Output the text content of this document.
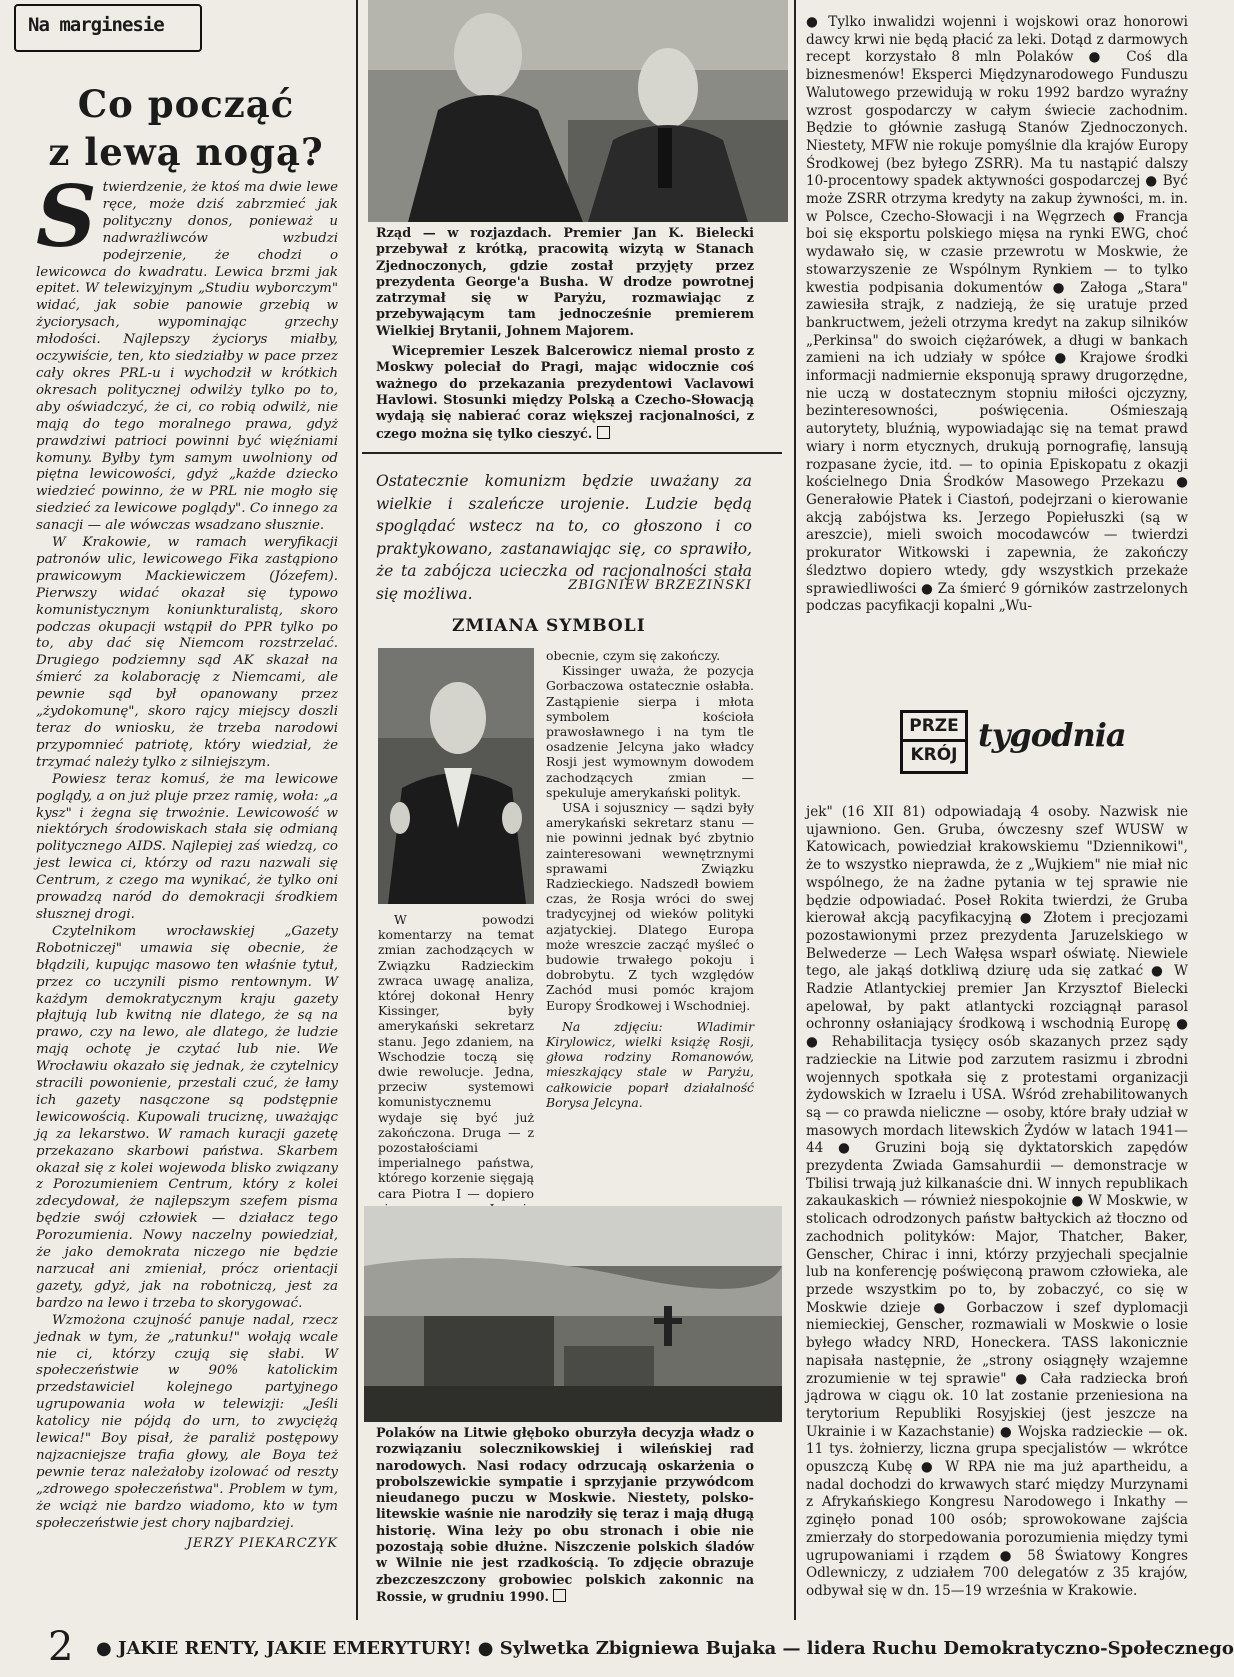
Na marginesie
Co począć
z lewą nogą?

Stwierdzenie, że ktoś ma dwie lewe ręce, może dziś zabrzmieć jak polityczny donos, ponieważ u nadwrażliwców wzbudzi podejrzenie, że chodzi o lewicowca do kwadratu. Lewica brzmi jak epitet. W telewizyjnym „Studiu wyborczym" widać, jak sobie panowie grzebią w życiorysach, wypominając grzechy młodości. Najlepszy życiorys miałby, oczywiście, ten, kto siedziałby w pace przez cały okres PRL-u i wychodził w krótkich okresach politycznej odwilży tylko po to, aby oświadczyć, że ci, co robią odwilż, nie mają do tego moralnego prawa, gdyż prawdziwi patrioci powinni być więźniami komuny. Byłby tym samym uwolniony od piętna lewicowości, gdyż „każde dziecko wiedzieć powinno, że w PRL nie mogło się siedzieć za lewicowe poglądy". Co innego za sanacji — ale wówczas wsadzano słusznie.

W Krakowie, w ramach weryfikacji patronów ulic, lewicowego Fika zastąpiono prawicowym Mackiewiczem (Józefem). Pierwszy widać okazał się typowo komunistycznym koniunkturalistą, skoro podczas okupacji wstąpił do PPR tylko po to, aby dać się Niemcom rozstrzelać. Drugiego podziemny sąd AK skazał na śmierć za kolaborację z Niemcami, ale pewnie sąd był opanowany przez „żydokomunę", skoro rajcy miejscy doszli teraz do wniosku, że trzeba narodowi przypomnieć patriotę, który wiedział, że trzymać należy tylko z silniejszym.

Powiesz teraz komuś, że ma lewicowe poglądy, a on już pluje przez ramię, woła: „a kysz" i żegna się trwożnie. Lewicowość w niektórych środowiskach stała się odmianą politycznego AIDS. Najlepiej zaś wiedzą, co jest lewica ci, którzy od razu nazwali się Centrum, z czego ma wynikać, że tylko oni prowadzą naród do demokracji środkiem słusznej drogi.

Czytelnikom wrocławskiej „Gazety Robotniczej" umawia się obecnie, że błądzili, kupując masowo ten właśnie tytuł, przez co uczynili pismo rentownym. W każdym demokratycznym kraju gazety płajtują lub kwitną nie dlatego, że są na prawo, czy na lewo, ale dlatego, że ludzie mają ochotę je czytać lub nie. We Wrocławiu okazało się jednak, że czytelnicy stracili powonienie, przestali czuć, że łamy ich gazety nasączone są podstępnie lewicowością. Kupowali truciznę, uważając ją za lekarstwo. W ramach kuracji gazetę przekazano skarbowi państwa. Skarbem okazał się z kolei wojewoda blisko związany z Porozumieniem Centrum, który z kolei zdecydował, że najlepszym szefem pisma będzie swój człowiek — działacz tego Porozumienia. Nowy naczelny powiedział, że jako demokrata niczego nie będzie narzucał ani zmieniał, prócz orientacji gazety, gdyż, jak na robotniczą, jest za bardzo na lewo i trzeba to skorygować.

Wzmożona czujność panuje nadal, rzecz jednak w tym, że „ratunku!" wołają wcale nie ci, którzy czują się słabi. W społeczeństwie w 90% katolickim przedstawiciel kolejnego partyjnego ugrupowania woła w telewizji: „Jeśli katolicy nie pójdą do urn, to zwyciężą lewica!" Boy pisał, że paraliż postępowy najzacniejsze trafia głowy, ale Boya też pewnie teraz należałoby izolować od reszty „zdrowego społeczeństwa". Problem w tym, że wciąż nie bardzo wiadomo, kto w tym społeczeństwie jest chory najbardziej.

JERZY PIEKARCZYK

Rząd — w rozjazdach. Premier Jan K. Bielecki przebywał z krótką, pracowitą wizytą w Stanach Zjednoczonych, gdzie został przyjęty przez prezydenta George'a Busha. W drodze powrotnej zatrzymał się w Paryżu, rozmawiając z przebywającym tam jednocześnie premierem Wielkiej Brytanii, Johnem Majorem.

Wicepremier Leszek Balcerowicz niemal prosto z Moskwy poleciał do Pragi, mając widocznie coś ważnego do przekazania prezydentowi Vaclavowi Havlowi. Stosunki między Polską a Czecho-Słowacją wydają się nabierać coraz większej racjonalności, z czego można się tylko cieszyć.

Ostatecznie komunizm będzie uważany za wielkie i szaleńcze urojenie. Ludzie będą spoglądać wstecz na to, co głoszono i co praktykowano, zastanawiając się, co sprawiło, że ta zabójcza ucieczka od racjonalności stała się możliwa.	ZBIGNIEW BRZEZIŃSKI
ZMIANA SYMBOLI

W powodzi komentarzy na temat zmian zachodzących w Związku Radzieckim zwraca uwagę analiza, której dokonał Henry Kissinger, były amerykański sekretarz stanu. Jego zdaniem, na Wschodzie toczą się dwie rewolucje. Jedna, przeciw systemowi komunistycznemu wydaje się być już zakończona. Druga — z pozostałościami imperialnego państwa, którego korzenie sięgają cara Piotra I — dopiero

obecnie, czym się zakończy.

Kissinger uważa, że pozycja Gorbaczowa ostatecznie osłabła. Zastąpienie sierpa i młota symbolem kościoła prawosławnego i na tym tle osadzenie Jelcyna jako władcy Rosji jest wymownym dowodem zachodzących zmian — spekuluje amerykański polityk.

USA i sojusznicy — sądzi były amerykański sekretarz stanu — nie powinni jednak być zbytnio zainteresowani wewnętrznymi sprawami Związku Radzieckiego. Nadszedł bowiem czas, że Rosja wróci do swej tradycyjnej od wieków polityki azjatyckiej. Dlatego Europa może wreszcie zacząć myśleć o budowie trwałego pokoju i dobrobytu. Z tych względów Zachód musi pomóc krajom Europy Środkowej i Wschodniej.

Na zdjęciu: Wladimir Kirylowicz, wielki książę Rosji, głowa rodziny Romanowów, mieszkający stale w Paryżu, całkowicie poparł działalność Borysa Jelcyna.

Polaków na Litwie głęboko oburzyła decyzja władz o rozwiązaniu solecznikowskiej i wileńskiej rad narodowych. Nasi rodacy odrzucają oskarżenia o probolszewickie sympatie i sprzyjanie przywódcom nieudanego puczu w Moskwie. Niestety, polsko-litewskie waśnie nie narodziły się teraz i mają długą historię. Wina leży po obu stronach i obie nie pozostają sobie dłużne. Niszczenie polskich śladów w Wilnie nie jest rzadkością. To zdjęcie obrazuje zbezczeszczony grobowiec polskich zakonnic na Rossie, w grudniu 1990.

● Tylko inwalidzi wojenni i wojskowi oraz honorowi dawcy krwi nie będą płacić za leki. Dotąd z darmowych recept korzystało 8 mln Polaków ● Coś dla biznesmenów! Eksperci Międzynarodowego Funduszu Walutowego przewidują w roku 1992 bardzo wyraźny wzrost gospodarczy w całym świecie zachodnim. Będzie to głównie zasługą Stanów Zjednoczonych. Niestety, MFW nie rokuje pomyślnie dla krajów Europy Środkowej (bez byłego ZSRR). Ma tu nastąpić dalszy 10-procentowy spadek aktywności gospodarczej ● Być może ZSRR otrzyma kredyty na zakup żywności, m. in. w Polsce, Czecho-Słowacji i na Węgrzech ● Francja boi się eksportu polskiego mięsa na rynki EWG, choć wydawało się, w czasie przewrotu w Moskwie, że stowarzyszenie ze Wspólnym Rynkiem — to tylko kwestia podpisania dokumentów ● Załoga „Stara" zawiesiła strajk, z nadzieją, że się uratuje przed bankructwem, jeżeli otrzyma kredyt na zakup silników „Perkinsa" do swoich ciężarówek, a długi w bankach zamieni na ich udziały w spółce ● Krajowe środki informacji nadmiernie eksponują sprawy drugorzędne, nie uczą w dostatecznym stopniu miłości ojczyzny, bezinteresowności, poświęcenia. Ośmieszają autorytety, bluźnią, wypowiadając się na temat prawd wiary i norm etycznych, drukują pornografię, lansują rozpasane życie, itd. — to opinia Episkopatu z okazji kościelnego Dnia Środków Masowego Przekazu ● Generałowie Płatek i Ciastoń, podejrzani o kierowanie akcją zabójstwa ks. Jerzego Popiełuszki (są w areszcie), mieli swoich mocodawców — twierdzi prokurator Witkowski i zapewnia, że zakończy śledztwo dopiero wtedy, gdy wszystkich przekaże sprawiedliwości ● Za śmierć 9 górników zastrzelonych podczas pacyfikacji kopalni „Wu-

PRZE
KRÓJ
tygodnia

jek" (16 XII 81) odpowiadają 4 osoby. Nazwisk nie ujawniono. Gen. Gruba, ówczesny szef WUSW w Katowicach, powiedział krakowskiemu "Dziennikowi", że to wszystko nieprawda, że z „Wujkiem" nie miał nic wspólnego, że na żadne pytania w tej sprawie nie będzie odpowiadać. Poseł Rokita twierdzi, że Gruba kierował akcją pacyfikacyjną ● Złotem i precjozami pozostawionymi przez prezydenta Jaruzelskiego w Belwederze — Lech Wałęsa wsparł oświatę. Niewiele tego, ale jakąś dotkliwą dziurę uda się zatkać ● W Radzie Atlantyckiej premier Jan Krzysztof Bielecki apelował, by pakt atlantycki rozciągnął parasol ochronny osłaniający środkową i wschodnią Europę ● ● Rehabilitacja tysięcy osób skazanych przez sądy radzieckie na Litwie pod zarzutem rasizmu i zbrodni wojennych spotkała się z protestami organizacji żydowskich w Izraelu i USA. Wśród zrehabilitowanych są — co prawda nieliczne — osoby, które brały udział w masowych mordach litewskich Żydów w latach 1941—44 ● Gruzini boją się dyktatorskich zapędów prezydenta Zwiada Gamsahurdii — demonstracje w Tbilisi trwają już kilkanaście dni. W innych republikach zakaukaskich — również niespokojnie ● W Moskwie, w stolicach odrodzonych państw bałtyckich aż tłoczno od zachodnich polityków: Major, Thatcher, Baker, Genscher, Chirac i inni, którzy przyjechali specjalnie lub na konferencję poświęconą prawom człowieka, ale przede wszystkim po to, by zobaczyć, co się w Moskwie dzieje ● Gorbaczow i szef dyplomacji niemieckiej, Genscher, rozmawiali w Moskwie o losie byłego władcy NRD, Honeckera. TASS lakonicznie napisała następnie, że „strony osiągnęły wzajemne zrozumienie w tej sprawie" ● Cała radziecka broń jądrowa w ciągu ok. 10 lat zostanie przeniesiona na terytorium Republiki Rosyjskiej (jest jeszcze na Ukrainie i w Kazachstanie) ● Wojska radzieckie — ok. 11 tys. żołnierzy, liczna grupa specjalistów — wkrótce opuszczą Kubę ● W RPA nie ma już apartheidu, a nadal dochodzi do krwawych starć między Murzynami z Afrykańskiego Kongresu Narodowego i Inkathy — zginęło ponad 100 osób; sprowokowane zajścia zmierzały do storpedowania porozumienia między tymi ugrupowaniami i rządem ● 58 Światowy Kongres Odlewniczy, z udziałem 700 delegatów z 35 krajów, odbywał się w dn. 15—19 września w Krakowie.

2 ● JAKIE RENTY, JAKIE EMERYTURY! ● Sylwetka Zbigniewa Bujaka — lidera Ruchu Demokratyczno-Społecznego
